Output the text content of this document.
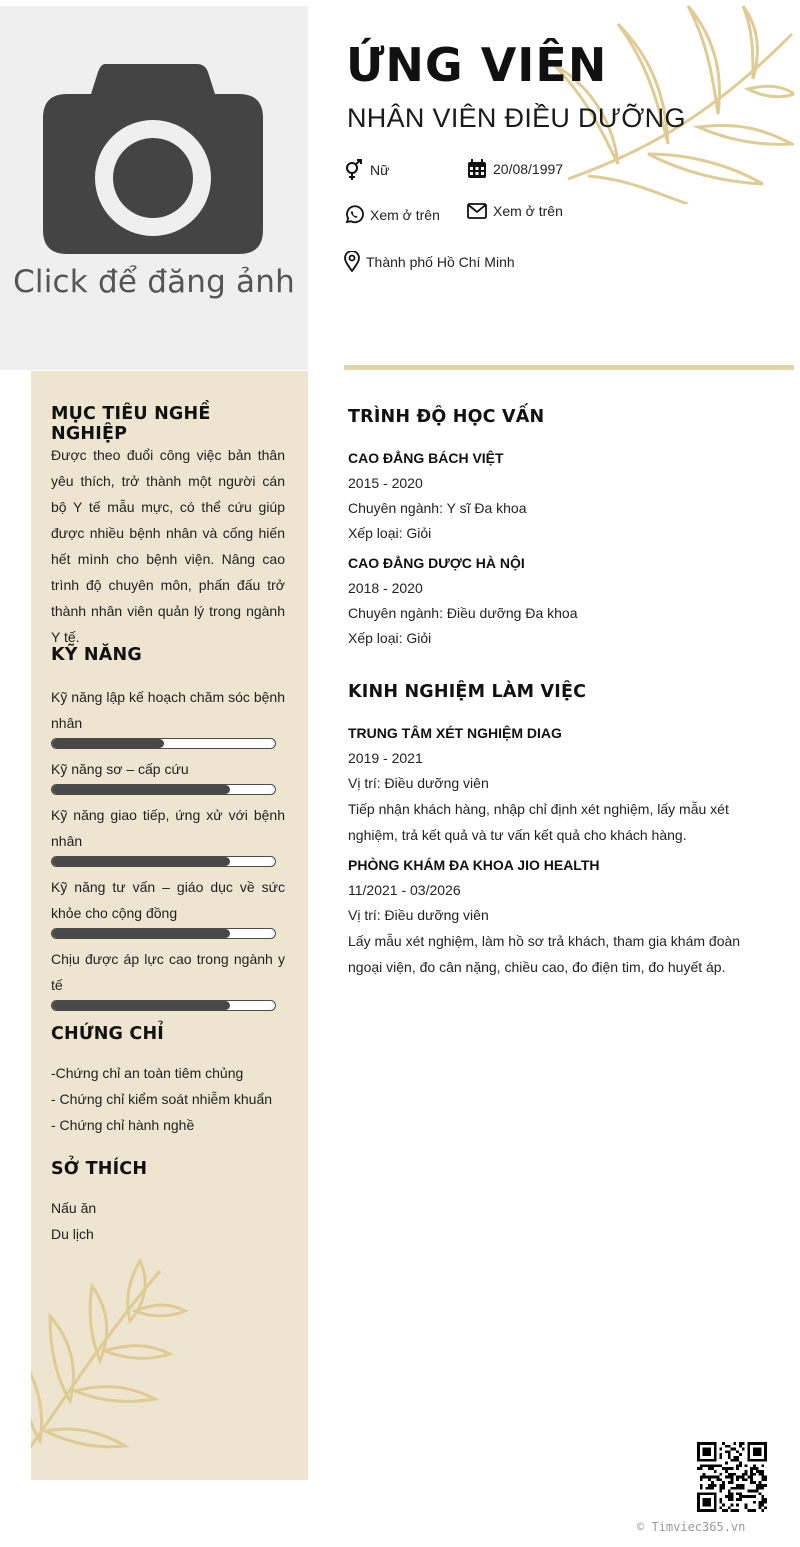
Click để đăng ảnh
ỨNG VIÊN
NHÂN VIÊN ĐIỀU DƯỠNG
Nữ	20/08/1997
Xem ở trên	Xem ở trên
Thành phố Hồ Chí Minh
MỤC TIÊU NGHỀ NGHIỆP
Được theo đuổi công việc bản thân yêu thích, trở thành một người cán bộ Y tế mẫu mực, có thể cứu giúp được nhiều bệnh nhân và cống hiến hết mình cho bệnh viện. Nâng cao trình độ chuyên môn, phấn đấu trở thành nhân viên quản lý trong ngành Y tế.
KỸ NĂNG
Kỹ năng lập kế hoạch chăm sóc bệnh nhân
Kỹ năng sơ – cấp cứu
Kỹ năng giao tiếp, ứng xử với bệnh nhân
Kỹ năng tư vấn – giáo dục về sức khỏe cho cộng đồng
Chịu được áp lực cao trong ngành y tế
CHỨNG CHỈ
-Chứng chỉ an toàn tiêm chủng
- Chứng chỉ kiểm soát nhiễm khuẩn
- Chứng chỉ hành nghề
SỞ THÍCH
Nấu ăn
Du lịch
TRÌNH ĐỘ HỌC VẤN
CAO ĐẲNG BÁCH VIỆT
2015 - 2020
Chuyên ngành: Y sĩ Đa khoa
Xếp loại: Giỏi
CAO ĐẲNG DƯỢC HÀ NỘI
2018 - 2020
Chuyên ngành: Điều dưỡng Đa khoa
Xếp loại: Giỏi
KINH NGHIỆM LÀM VIỆC
TRUNG TÂM XÉT NGHIỆM DIAG
2019 - 2021
Vị trí: Điều dưỡng viên
Tiếp nhận khách hàng, nhập chỉ định xét nghiệm, lấy mẫu xét nghiệm, trả kết quả và tư vấn kết quả cho khách hàng.
PHÒNG KHÁM ĐA KHOA JIO HEALTH
11/2021 - 03/2026
Vị trí: Điều dưỡng viên
Lấy mẫu xét nghiệm, làm hồ sơ trả khách, tham gia khám đoàn ngoại viện, đo cân nặng, chiều cao, đo điện tim, đo huyết áp.
© Timviec365.vn
